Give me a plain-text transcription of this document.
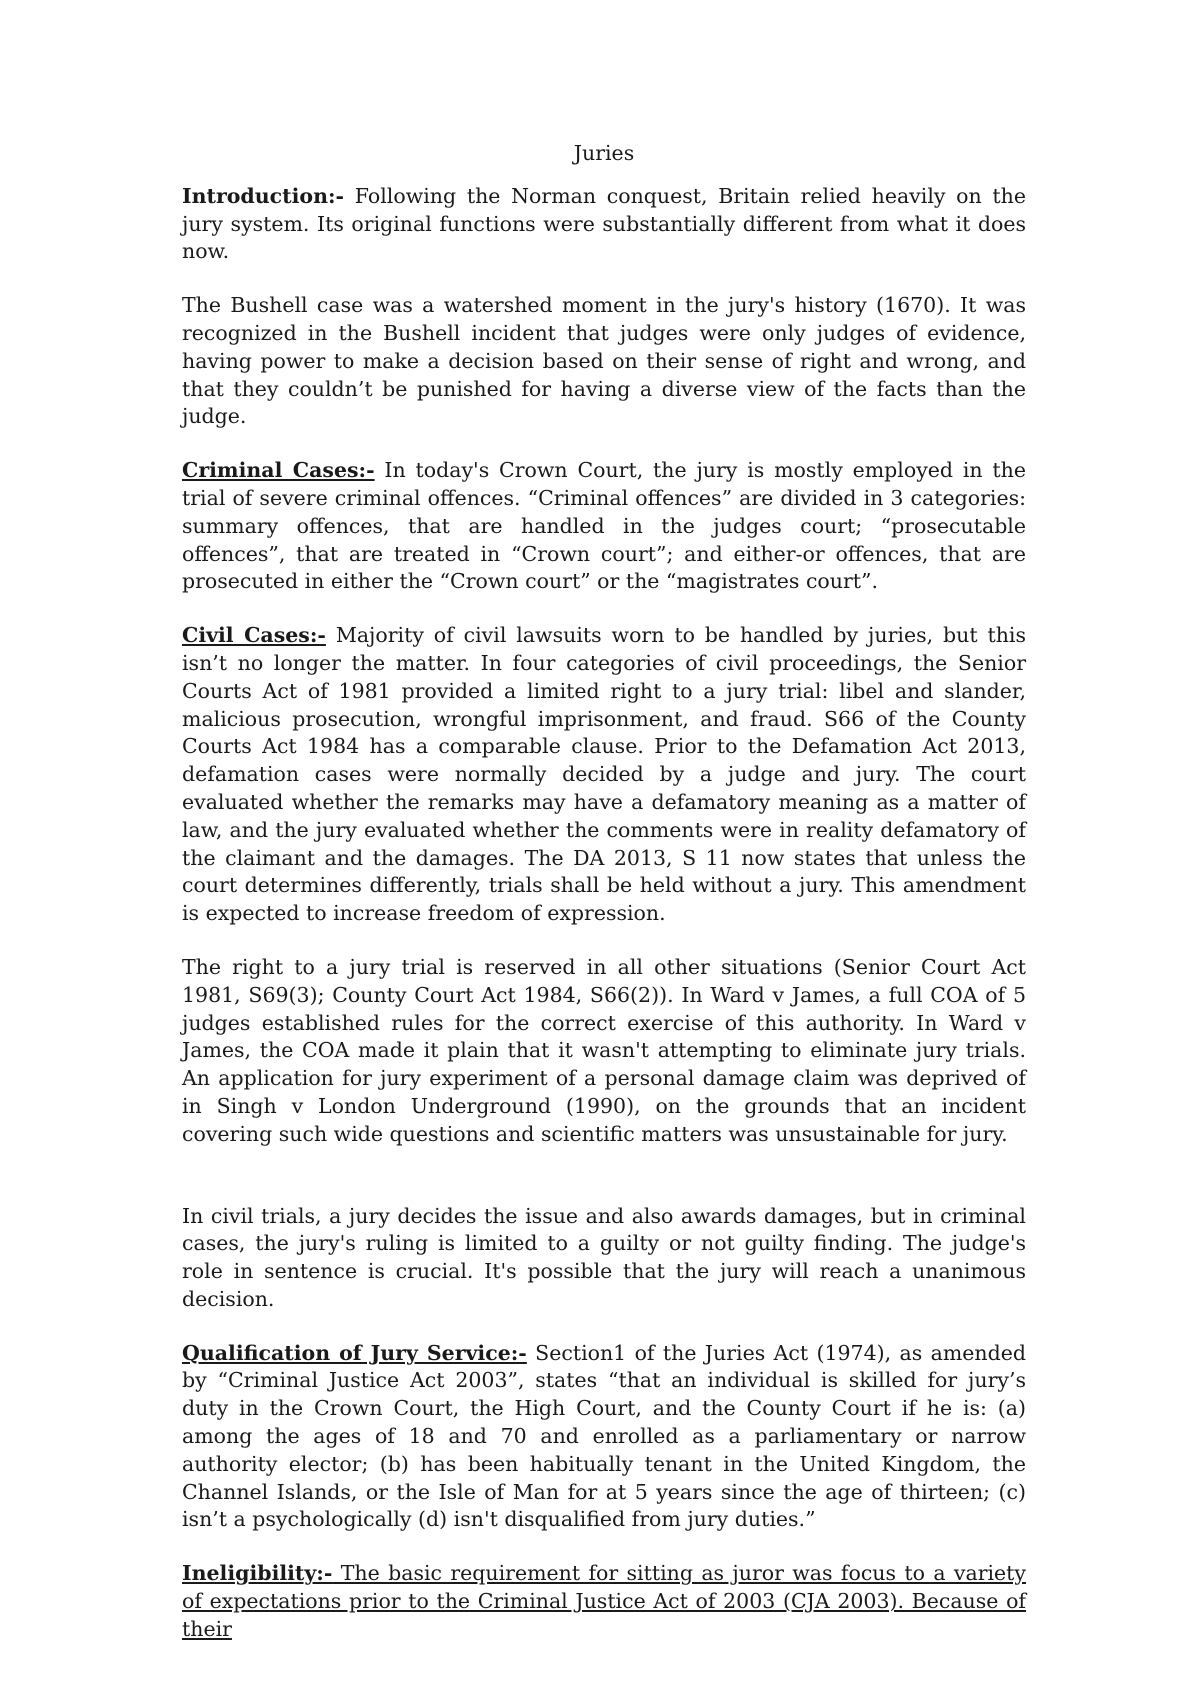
Juries

Introduction:- Following the Norman conquest, Britain relied heavily on the jury system. Its original functions were substantially different from what it does now.

The Bushell case was a watershed moment in the jury's history (1670). It was recognized in the Bushell incident that judges were only judges of evidence, having power to make a decision based on their sense of right and wrong, and that they couldn’t be punished for having a diverse view of the facts than the judge.

Criminal Cases:- In today's Crown Court, the jury is mostly employed in the trial of severe criminal offences. “Criminal offences” are divided in 3 categories: summary offences, that are handled in the judges court; “prosecutable offences”, that are treated in “Crown court”; and either-or offences, that are prosecuted in either the “Crown court” or the “magistrates court”.

Civil Cases:- Majority of civil lawsuits worn to be handled by juries, but this isn’t no longer the matter. In four categories of civil proceedings, the Senior Courts Act of 1981 provided a limited right to a jury trial: libel and slander, malicious prosecution, wrongful imprisonment, and fraud. S66 of the County Courts Act 1984 has a comparable clause. Prior to the Defamation Act 2013, defamation cases were normally decided by a judge and jury. The court evaluated whether the remarks may have a defamatory meaning as a matter of law, and the jury evaluated whether the comments were in reality defamatory of the claimant and the damages. The DA 2013, S 11 now states that unless the court determines differently, trials shall be held without a jury. This amendment is expected to increase freedom of expression.

The right to a jury trial is reserved in all other situations (Senior Court Act 1981, S69(3); County Court Act 1984, S66(2)). In Ward v James, a full COA of 5 judges established rules for the correct exercise of this authority. In Ward v James, the COA made it plain that it wasn't attempting to eliminate jury trials. An application for jury experiment of a personal damage claim was deprived of in Singh v London Underground (1990), on the grounds that an incident covering such wide questions and scientific matters was unsustainable for jury.

In civil trials, a jury decides the issue and also awards damages, but in criminal cases, the jury's ruling is limited to a guilty or not guilty finding. The judge's role in sentence is crucial. It's possible that the jury will reach a unanimous decision.

Qualification of Jury Service:- Section1 of the Juries Act (1974), as amended by “Criminal Justice Act 2003”, states “that an individual is skilled for jury’s duty in the Crown Court, the High Court, and the County Court if he is: (a) among the ages of 18 and 70 and enrolled as a parliamentary or narrow authority elector; (b) has been habitually tenant in the United Kingdom, the Channel Islands, or the Isle of Man for at 5 years since the age of thirteen; (c) isn’t a psychologically (d) isn't disqualified from jury duties.”

Ineligibility:- The basic requirement for sitting as juror was focus to a variety of expectations prior to the Criminal Justice Act of 2003 (CJA 2003). Because of their
